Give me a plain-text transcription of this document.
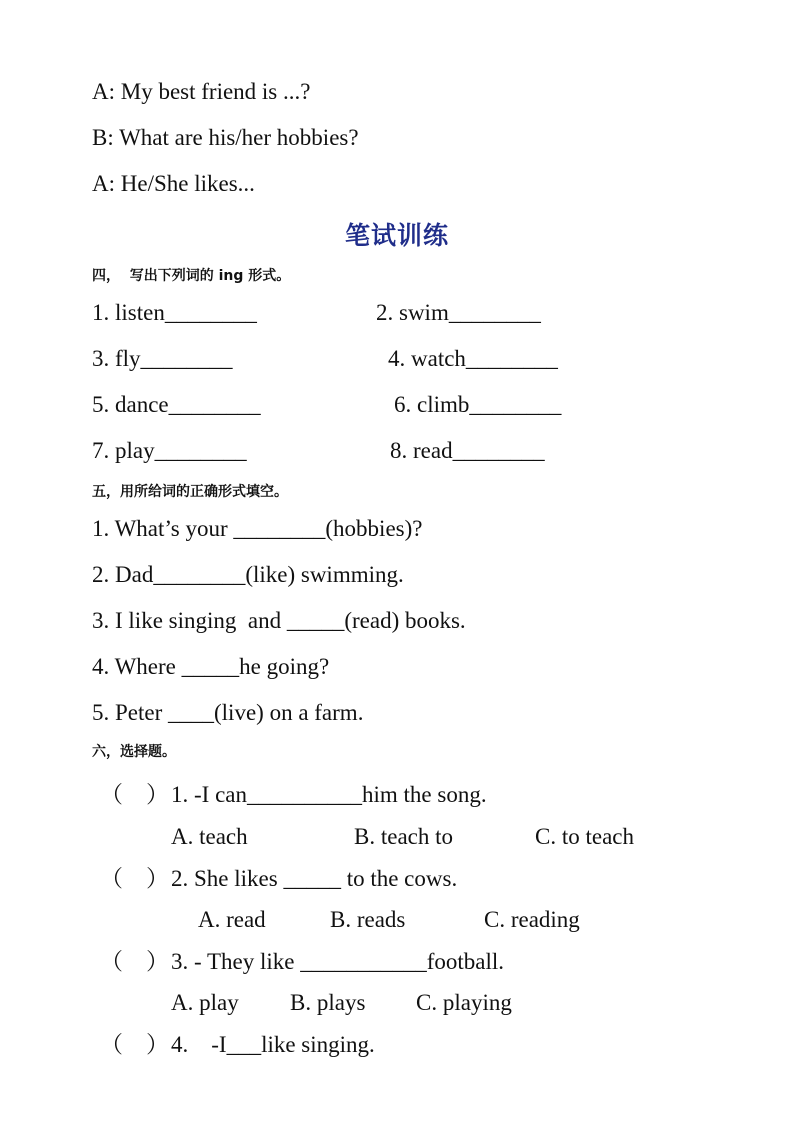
A: My best friend is ...?
B: What are his/her hobbies?
A: He/She likes...
笔试训练
四，  写出下列词的 ing 形式。
1. listen________	2. swim________
3. fly________	4. watch________
5. dance________	6. climb________
7. play________	8. read________
五，用所给词的正确形式填空。
1. What’s your ________(hobbies)?
2. Dad________(like) swimming.
3. I like singing  and _____(read) books.
4. Where _____he going?
5. Peter ____(live) on a farm.
六，选择题。
（    ） 1. -I can__________him the song.
A. teach	B. teach to	C. to teach
（    ） 2. She likes _____ to the cows.
A. read	B. reads	C. reading
（    ） 3. - They like ___________football.
A. play B. plays C. playing
（    ） 4.    -I___like singing.
